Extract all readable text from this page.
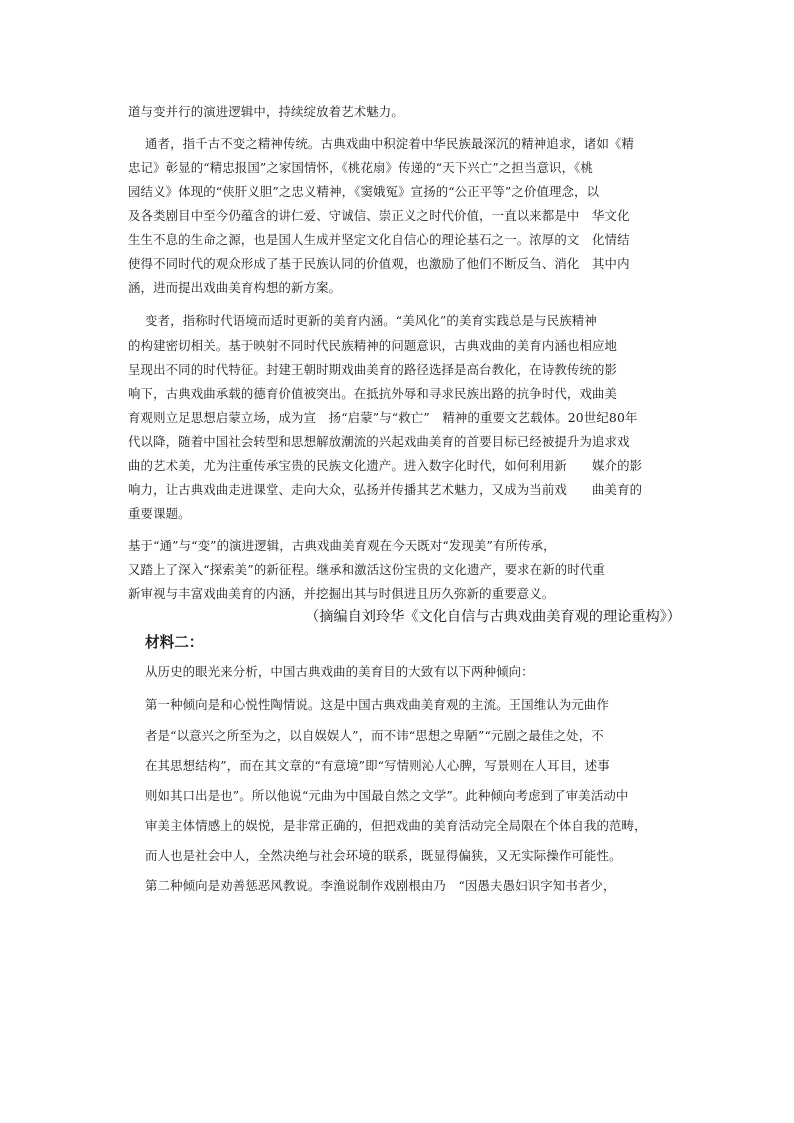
道与变并行的演进逻辑中，持续绽放着艺术魅力。
通者，指千古不变之精神传统。古典戏曲中积淀着中华民族最深沉的精神追求，诸如《精
忠记》彰显的“精忠报国”之家国情怀，《桃花扇》传递的“天下兴亡”之担当意识，《桃
园结义》体现的“侠肝义胆”之忠义精神，《窦娥冤》宣扬的“公正平等”之价值理念，以
及各类剧目中至今仍蕴含的讲仁爱、守诚信、崇正义之时代价值，一直以来都是中　华文化
生生不息的生命之源，也是国人生成并坚定文化自信心的理论基石之一。浓厚的文　化情结
使得不同时代的观众形成了基于民族认同的价值观，也激励了他们不断反刍、消化　其中内
涵，进而提出戏曲美育构想的新方案。
变者，指称时代语境而适时更新的美育内涵。“美风化”的美育实践总是与民族精神
的构建密切相关。基于映射不同时代民族精神的问题意识，古典戏曲的美育内涵也相应地
呈现出不同的时代特征。封建王朝时期戏曲美育的路径选择是高台教化，在诗教传统的影
响下，古典戏曲承载的德育价值被突出。在抵抗外辱和寻求民族出路的抗争时代，戏曲美
育观则立足思想启蒙立场，成为宣　扬“启蒙”与“救亡”　精神的重要文艺载体。20世纪80年
代以降，随着中国社会转型和思想解放潮流的兴起戏曲美育的首要目标已经被提升为追求戏
曲的艺术美，尤为注重传承宝贵的民族文化遗产。进入数字化时代，如何利用新　　媒介的影
响力，让古典戏曲走进课堂、走向大众，弘扬并传播其艺术魅力，又成为当前戏　　曲美育的
重要课题。
基于“通”与“变”的演进逻辑，古典戏曲美育观在今天既对“发现美”有所传承，
又踏上了深入“探索美”的新征程。继承和激活这份宝贵的文化遗产，要求在新的时代重
新审视与丰富戏曲美育的内涵，并挖掘出其与时俱进且历久弥新的重要意义。
（摘编自刘玲华《文化自信与古典戏曲美育观的理论重构》）
材料二：
从历史的眼光来分析，中国古典戏曲的美育目的大致有以下两种倾向：
第一种倾向是和心悦性陶情说。这是中国古典戏曲美育观的主流。王国维认为元曲作
者是“以意兴之所至为之，以自娱娱人”，而不讳“思想之卑陋”“元剧之最佳之处，不
在其思想结构”，而在其文章的“有意境”即“写情则沁人心脾，写景则在人耳目，述事
则如其口出是也”。所以他说“元曲为中国最自然之文学”。此种倾向考虑到了审美活动中
审美主体情感上的娱悦，是非常正确的，但把戏曲的美育活动完全局限在个体自我的范畴，
而人也是社会中人，全然决绝与社会环境的联系，既显得偏狭，又无实际操作可能性。
第二种倾向是劝善惩恶风教说。李渔说制作戏剧根由乃　“因愚夫愚妇识字知书者少，
